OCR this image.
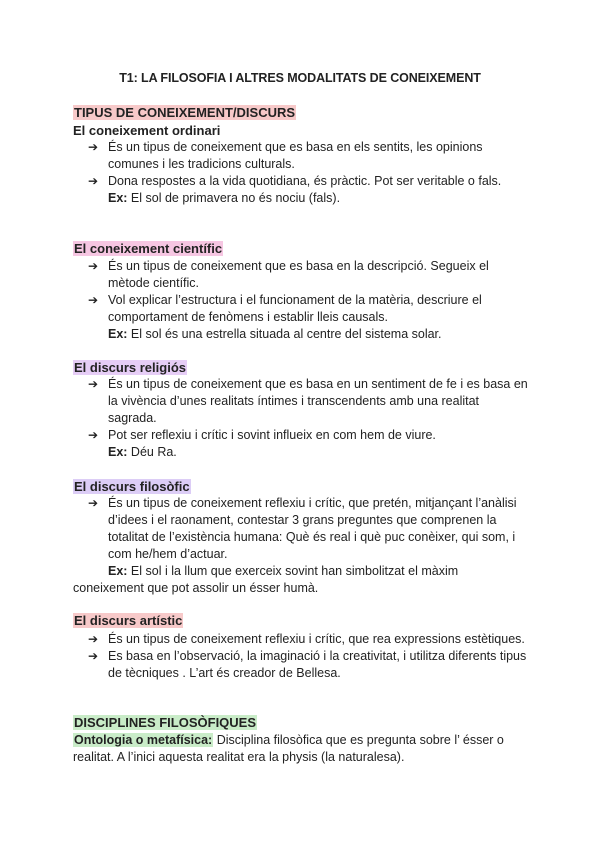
T1: LA FILOSOFIA I ALTRES MODALITATS DE CONEIXEMENT
TIPUS DE CONEIXEMENT/DISCURS
El coneixement ordinari
➔ És un tipus de coneixement que es basa en els sentits, les opinions comunes i les tradicions culturals.
➔ Dona respostes a la vida quotidiana, és pràctic. Pot ser veritable o fals.
Ex: El sol de primavera no és nociu (fals).
El coneixement científic
➔ És un tipus de coneixement que es basa en la descripció. Segueix el mètode científic.
➔ Vol explicar l’estructura i el funcionament de la matèria, descriure el comportament de fenòmens i establir lleis causals.
Ex: El sol és una estrella situada al centre del sistema solar.
El discurs religiós
➔ És un tipus de coneixement que es basa en un sentiment de fe i es basa en la vivència d’unes realitats íntimes i transcendents amb una realitat sagrada.
➔ Pot ser reflexiu i crític i sovint influeix en com hem de viure.
Ex: Déu Ra.
El discurs filosòfic
➔ És un tipus de coneixement reflexiu i crític, que pretén, mitjançant l’anàlisi d’idees i el raonament, contestar 3 grans preguntes que comprenen la totalitat de l’existència humana: Què és real i què puc conèixer, qui som, i com he/hem d’actuar.
Ex: El sol i la llum que exerceix sovint han simbolitzat el màxim
coneixement que pot assolir un ésser humà.
El discurs artístic
➔ És un tipus de coneixement reflexiu i crític, que rea expressions estètiques.
➔ Es basa en l’observació, la imaginació i la creativitat, i utilitza diferents tipus de tècniques . L’art és creador de Bellesa.
DISCIPLINES FILOSÒFIQUES
Ontologia o metafísica: Disciplina filosòfica que es pregunta sobre l’ ésser o realitat. A l’inici aquesta realitat era la physis (la naturalesa).
